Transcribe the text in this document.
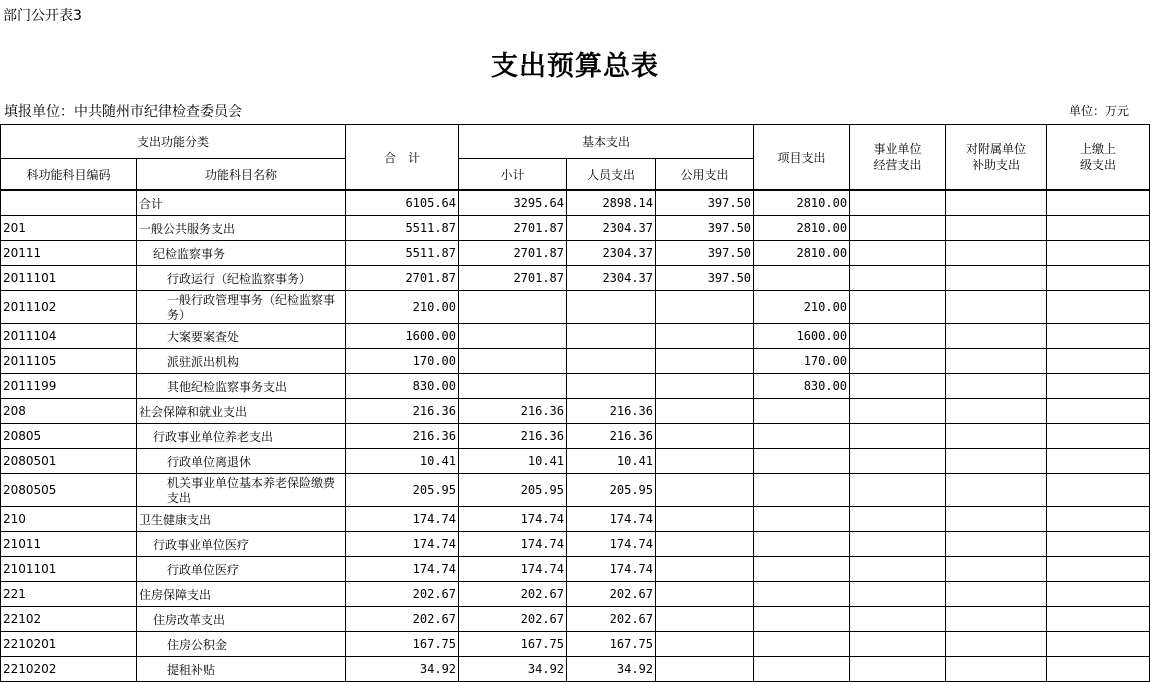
部门公开表3
支出预算总表
填报单位：中共随州市纪律检查委员会	单位：万元
支出功能分类		合　计	基本支出			项目支出	事业单位经营支出	对附属单位补助支出	上缴上级支出
科功能科目编码	功能科目名称		小计	人员支出	公用支出				
	合计	6105.64	3295.64	2898.14	397.50	2810.00			
201	一般公共服务支出	5511.87	2701.87	2304.37	397.50	2810.00			
20111	纪检监察事务	5511.87	2701.87	2304.37	397.50	2810.00			
2011101	行政运行（纪检监察事务）	2701.87	2701.87	2304.37	397.50				
2011102	一般行政管理事务（纪检监察事务）	210.00				210.00			
2011104	大案要案查处	1600.00				1600.00			
2011105	派驻派出机构	170.00				170.00			
2011199	其他纪检监察事务支出	830.00				830.00			
208	社会保障和就业支出	216.36	216.36	216.36					
20805	行政事业单位养老支出	216.36	216.36	216.36					
2080501	行政单位离退休	10.41	10.41	10.41					
2080505	机关事业单位基本养老保险缴费支出	205.95	205.95	205.95					
210	卫生健康支出	174.74	174.74	174.74					
21011	行政事业单位医疗	174.74	174.74	174.74					
2101101	行政单位医疗	174.74	174.74	174.74					
221	住房保障支出	202.67	202.67	202.67					
22102	住房改革支出	202.67	202.67	202.67					
2210201	住房公积金	167.75	167.75	167.75					
2210202	提租补贴	34.92	34.92	34.92					
